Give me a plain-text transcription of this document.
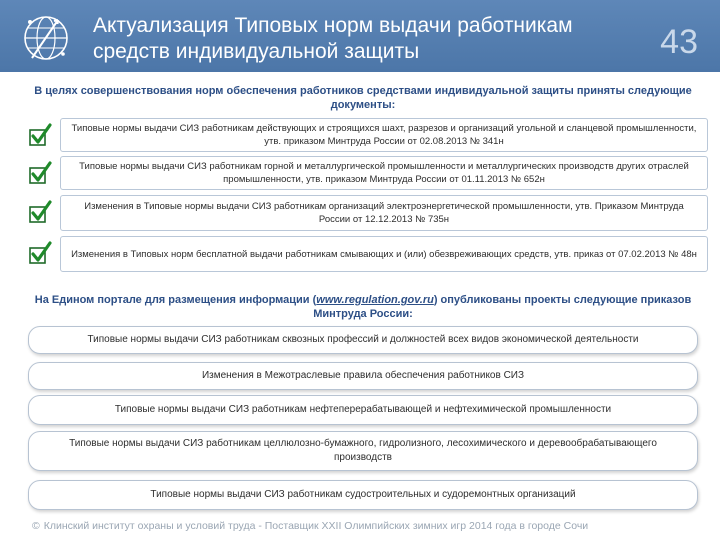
Актуализация Типовых норм выдачи работникам средств индивидуальной защиты	43
В целях совершенствования норм обеспечения работников средствами индивидуальной защиты приняты следующие документы:
Типовые нормы выдачи СИЗ работникам действующих и строящихся шахт, разрезов и организаций угольной и сланцевой промышленности, утв. приказом Минтруда России от 02.08.2013 № 341н
Типовые нормы выдачи СИЗ работникам горной и металлургической промышленности и металлургических производств других отраслей промышленности, утв. приказом Минтруда России от 01.11.2013 № 652н
Изменения в Типовые нормы выдачи СИЗ работникам организаций электроэнергетической промышленности, утв. Приказом Минтруда России от 12.12.2013 № 735н
Изменения в Типовых норм бесплатной выдачи работникам смывающих и (или) обезвреживающих средств, утв. приказ от 07.02.2013 № 48н
На Едином портале для размещения информации (www.regulation.gov.ru) опубликованы проекты следующие приказов Минтруда России:
Типовые нормы выдачи СИЗ работникам сквозных профессий и должностей всех видов экономической деятельности
Изменения в Межотраслевые правила обеспечения работников СИЗ
Типовые нормы выдачи СИЗ работникам нефтеперерабатывающей и нефтехимической промышленности
Типовые нормы выдачи СИЗ работникам целлюлозно-бумажного, гидролизного, лесохимического и деревообрабатывающего производств
Типовые нормы выдачи СИЗ работникам судостроительных и судоремонтных организаций
© Клинский институт охраны и условий труда - Поставщик XXII Олимпийских зимних игр 2014 года в городе Сочи
